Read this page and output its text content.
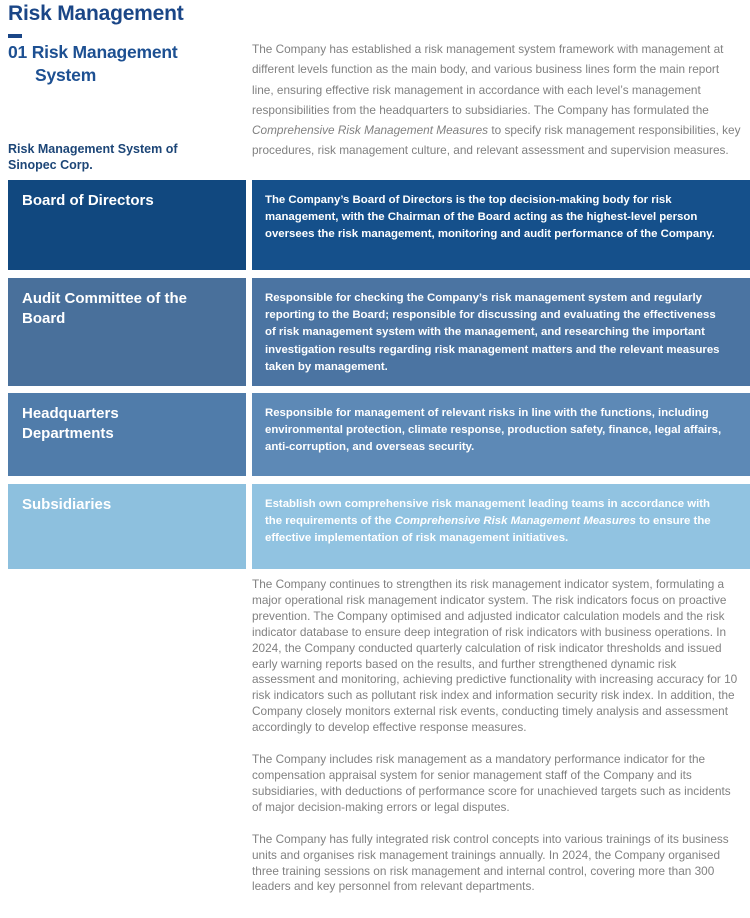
Risk Management
01 Risk Management System

The Company has established a risk management system framework with management at different levels function as the main body, and various business lines form the main report line, ensuring effective risk management in accordance with each level’s management responsibilities from the headquarters to subsidiaries. The Company has formulated the Comprehensive Risk Management Measures to specify risk management responsibilities, key procedures, risk management culture, and relevant assessment and supervision measures.

Risk Management System of Sinopec Corp.
Board of Directors	The Company’s Board of Directors is the top decision-making body for risk management, with the Chairman of the Board acting as the highest-level person oversees the risk management, monitoring and audit performance of the Company.
Audit Committee of the Board
Responsible for checking the Company’s risk management system and regularly reporting to the Board; responsible for discussing and evaluating the effectiveness of risk management system with the management, and researching the important investigation results regarding risk management matters and the relevant measures taken by management.
Headquarters Departments
Responsible for management of relevant risks in line with the functions, including environmental protection, climate response, production safety, finance, legal affairs, anti-corruption, and overseas security.
Subsidiaries	Establish own comprehensive risk management leading teams in accordance with the requirements of the Comprehensive Risk Management Measures to ensure the effective implementation of risk management initiatives.

The Company continues to strengthen its risk management indicator system, formulating a major operational risk management indicator system. The risk indicators focus on proactive prevention. The Company optimised and adjusted indicator calculation models and the risk indicator database to ensure deep integration of risk indicators with business operations. In 2024, the Company conducted quarterly calculation of risk indicator thresholds and issued early warning reports based on the results, and further strengthened dynamic risk assessment and monitoring, achieving predictive functionality with increasing accuracy for 10 risk indicators such as pollutant risk index and information security risk index. In addition, the Company closely monitors external risk events, conducting timely analysis and assessment accordingly to develop effective response measures.

The Company includes risk management as a mandatory performance indicator for the compensation appraisal system for senior management staff of the Company and its subsidiaries, with deductions of performance score for unachieved targets such as incidents of major decision-making errors or legal disputes.

The Company has fully integrated risk control concepts into various trainings of its business units and organises risk management trainings annually. In 2024, the Company organised three training sessions on risk management and internal control, covering more than 300 leaders and key personnel from relevant departments.
